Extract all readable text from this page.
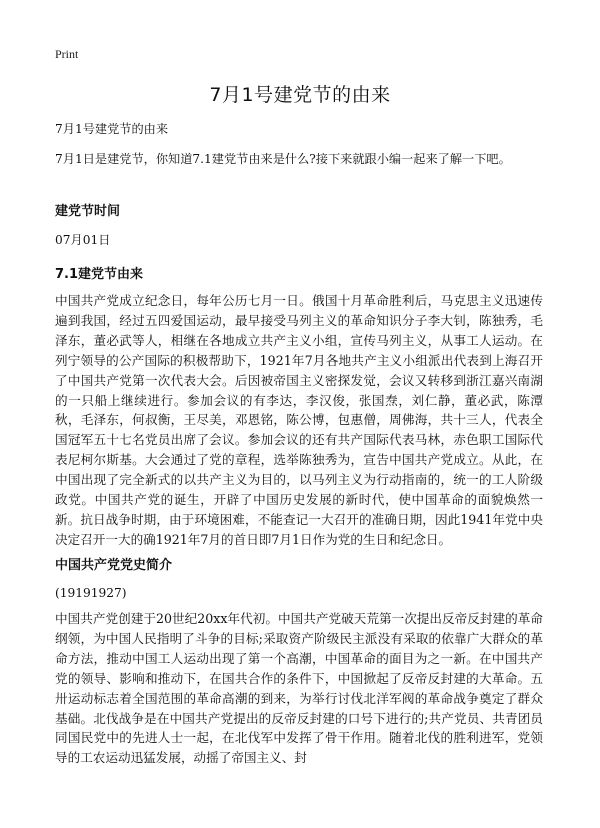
Print
7月1号建党节的由来

7月1号建党节的由来

7月1日是建党节，你知道7.1建党节由来是什么?接下来就跟小编一起来了解一下吧。

建党节时间

07月01日

7.1建党节由来

中国共产党成立纪念日，每年公历七月一日。俄国十月革命胜利后，马克思主义迅速传遍到我国，经过五四爱国运动，最早接受马列主义的革命知识分子李大钊，陈独秀，毛泽东，董必武等人，相继在各地成立共产主义小组，宣传马列主义，从事工人运动。在列宁领导的公产国际的积极帮助下，1921年7月各地共产主义小组派出代表到上海召开了中国共产党第一次代表大会。后因被帝国主义密探发觉，会议又转移到浙江嘉兴南湖的一只船上继续进行。参加会议的有李达，李汉俊，张国焘，刘仁静，董必武，陈潭秋，毛泽东，何叔衡，王尽美，邓恩铭，陈公博，包惠僧，周佛海，共十三人，代表全国冠军五十七名党员出席了会议。参加会议的还有共产国际代表马林，赤色职工国际代表尼柯尔斯基。大会通过了党的章程，选举陈独秀为，宣告中国共产党成立。从此，在中国出现了完全新式的以共产主义为目的，以马列主义为行动指南的，统一的工人阶级政党。中国共产党的诞生，开辟了中国历史发展的新时代，使中国革命的面貌焕然一新。抗日战争时期，由于环境困难，不能查记一大召开的准确日期，因此1941年党中央决定召开一大的确1921年7月的首日即7月1日作为党的生日和纪念日。

中国共产党党史简介

(19191927)

中国共产党创建于20世纪20xx年代初。中国共产党破天荒第一次提出反帝反封建的革命纲领，为中国人民指明了斗争的目标;采取资产阶级民主派没有采取的依靠广大群众的革命方法，推动中国工人运动出现了第一个高潮，中国革命的面目为之一新。在中国共产党的领导、影响和推动下，在国共合作的条件下，中国掀起了反帝反封建的大革命。五卅运动标志着全国范围的革命高潮的到来，为举行讨伐北洋军阀的革命战争奠定了群众基础。北伐战争是在中国共产党提出的反帝反封建的口号下进行的;共产党员、共青团员同国民党中的先进人士一起，在北伐军中发挥了骨干作用。随着北伐的胜利进军，党领导的工农运动迅猛发展，动摇了帝国主义、封
